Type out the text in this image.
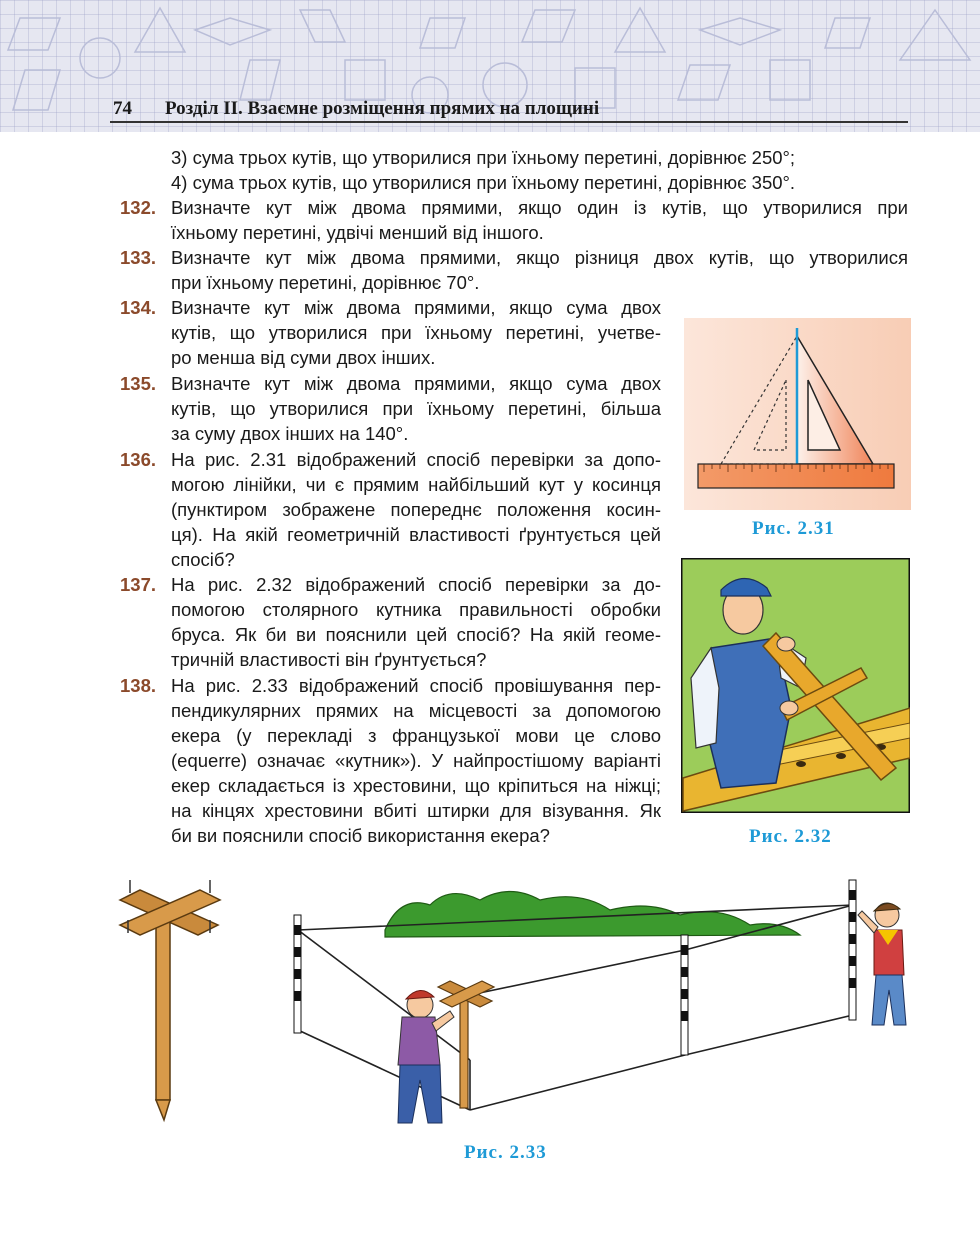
74 Розділ ІІ. Взаємне розміщення прямих на площині
3) сума трьох кутів, що утворилися при їхньому перетині, дорівнює 250°;
4) сума трьох кутів, що утворилися при їхньому перетині, дорівнює 350°.
132. Визначте кут між двома прямими, якщо один із кутів, що утворилися при
їхньому перетині, удвічі менший від іншого.
133. Визначте кут між двома прямими, якщо різниця двох кутів, що утворилися
при їхньому перетині, дорівнює 70°.
134. Визначте кут між двома прямими, якщо сума двох
кутів, що утворилися при їхньому перетині, учетве-
ро менша від суми двох інших.
135. Визначте кут між двома прямими, якщо сума двох
кутів, що утворилися при їхньому перетині, більша
за суму двох інших на 140°.
136. На рис. 2.31 відображений спосіб перевірки за допо-
могою лінійки, чи є прямим найбільший кут у косинця
(пунктиром зображене попереднє положення косин-
ця). На якій геометричній властивості ґрунтується цей
спосіб?
137. На рис. 2.32 відображений спосіб перевірки за до-
помогою столярного кутника правильності обробки
бруса. Як би ви пояснили цей спосіб? На якій геоме-
тричній властивості він ґрунтується?
138. На рис. 2.33 відображений спосіб провішування пер-
пендикулярних прямих на місцевості за допомогою
екера (у перекладі з французької мови це слово
(equerre) означає «кутник»). У найпростішому варіанті
екер складається із хрестовини, що кріпиться на ніжці;
на кінцях хрестовини вбиті штирки для візування. Як
би ви пояснили спосіб використання екера?
Рис. 2.31
Рис. 2.32
Рис. 2.33
